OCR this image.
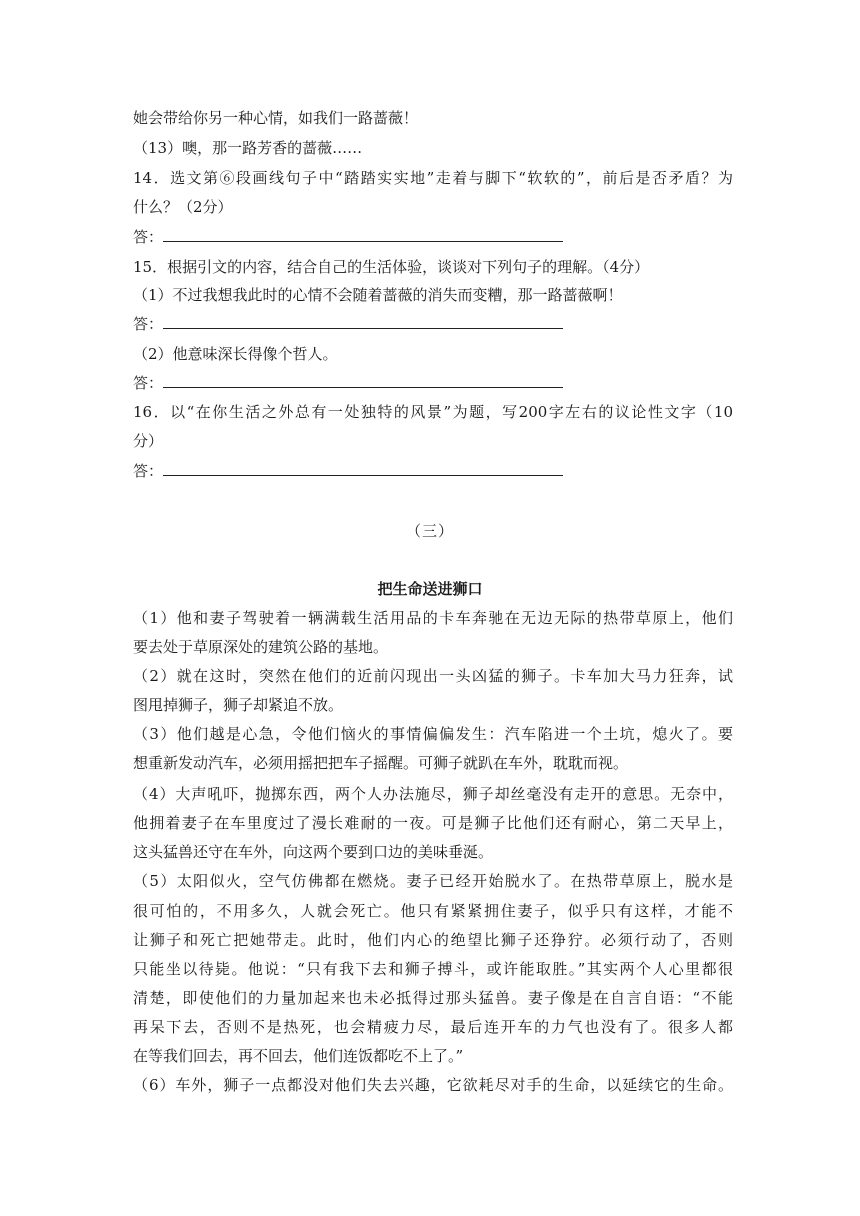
她会带给你另一种心情，如我们一路蔷薇！
（13）噢，那一路芳香的蔷薇……
14．选文第⑥段画线句子中“踏踏实实地”走着与脚下“软软的”，前后是否矛盾？为
什么？（2分）
答：
15．根据引文的内容，结合自己的生活体验，谈谈对下列句子的理解。（4分）
（1）不过我想我此时的心情不会随着蔷薇的消失而变糟，那一路蔷薇啊！
答：
（2）他意味深长得像个哲人。
答：
16．以“在你生活之外总有一处独特的风景”为题，写200字左右的议论性文字（10
分）
答：
（三）
把生命送进狮口
（1）他和妻子驾驶着一辆满载生活用品的卡车奔驰在无边无际的热带草原上，他们
要去处于草原深处的建筑公路的基地。
（2）就在这时，突然在他们的近前闪现出一头凶猛的狮子。卡车加大马力狂奔，试
图甩掉狮子，狮子却紧追不放。
（3）他们越是心急，令他们恼火的事情偏偏发生：汽车陷进一个土坑，熄火了。要
想重新发动汽车，必须用摇把把车子摇醒。可狮子就趴在车外，耽耽而视。
（4）大声吼吓，抛掷东西，两个人办法施尽，狮子却丝毫没有走开的意思。无奈中，
他拥着妻子在车里度过了漫长难耐的一夜。可是狮子比他们还有耐心，第二天早上，
这头猛兽还守在车外，向这两个要到口边的美味垂涎。
（5）太阳似火，空气仿佛都在燃烧。妻子已经开始脱水了。在热带草原上，脱水是
很可怕的，不用多久，人就会死亡。他只有紧紧拥住妻子，似乎只有这样，才能不
让狮子和死亡把她带走。此时，他们内心的绝望比狮子还狰狞。必须行动了，否则
只能坐以待毙。他说：“只有我下去和狮子搏斗，或许能取胜。”其实两个人心里都很
清楚，即使他们的力量加起来也未必抵得过那头猛兽。妻子像是在自言自语：“不能
再呆下去，否则不是热死，也会精疲力尽，最后连开车的力气也没有了。很多人都
在等我们回去，再不回去，他们连饭都吃不上了。”
（6）车外，狮子一点都没对他们失去兴趣，它欲耗尽对手的生命，以延续它的生命。
